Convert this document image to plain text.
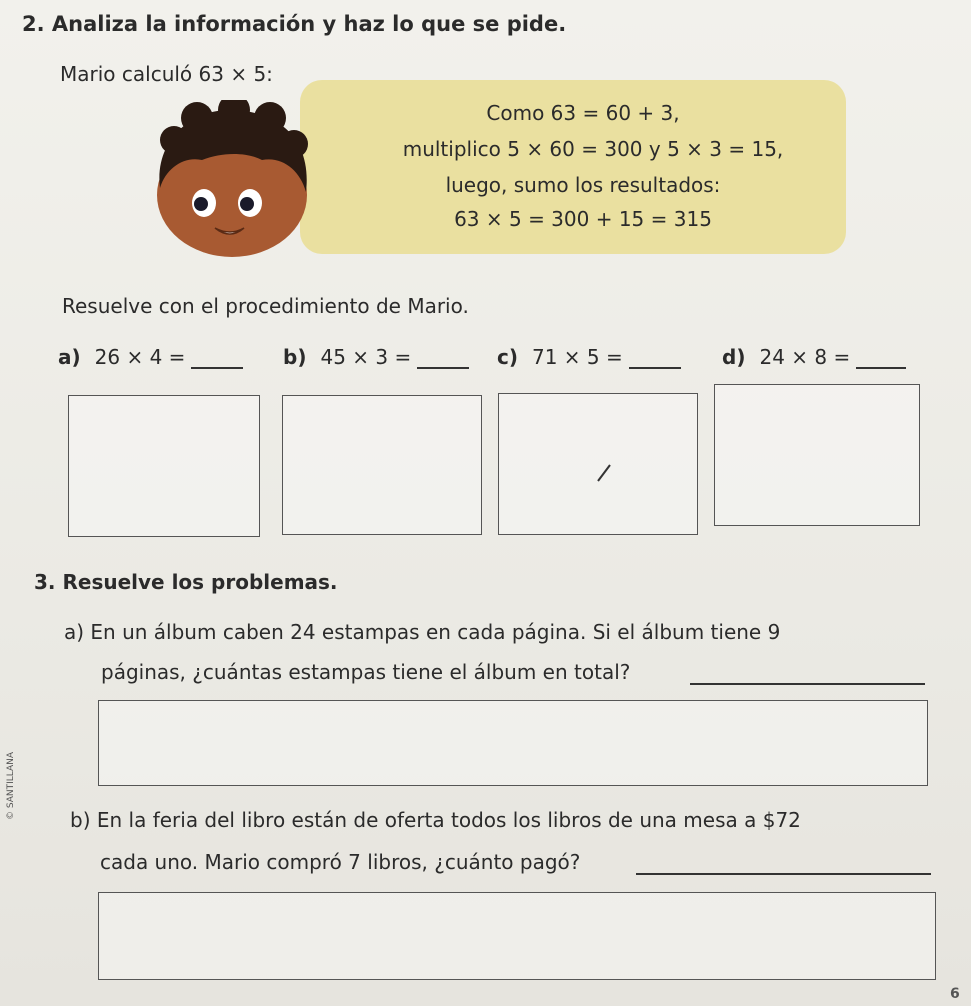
2. Analiza la información y haz lo que se pide.
Mario calculó 63 × 5:
Como 63 = 60 + 3,
multiplico 5 × 60 = 300 y 5 × 3 = 15,
luego, sumo los resultados:
63 × 5 = 300 + 15 = 315
Resuelve con el procedimiento de Mario.
a) 26 × 4 =	b) 45 × 3 =	c) 71 × 5 =	d) 24 × 8 =
3. Resuelve los problemas.
a) En un álbum caben 24 estampas en cada página. Si el álbum tiene 9
páginas, ¿cuántas estampas tiene el álbum en total?
b) En la feria del libro están de oferta todos los libros de una mesa a $72
cada uno. Mario compró 7 libros, ¿cuánto pagó?
© SANTILLANA
6
